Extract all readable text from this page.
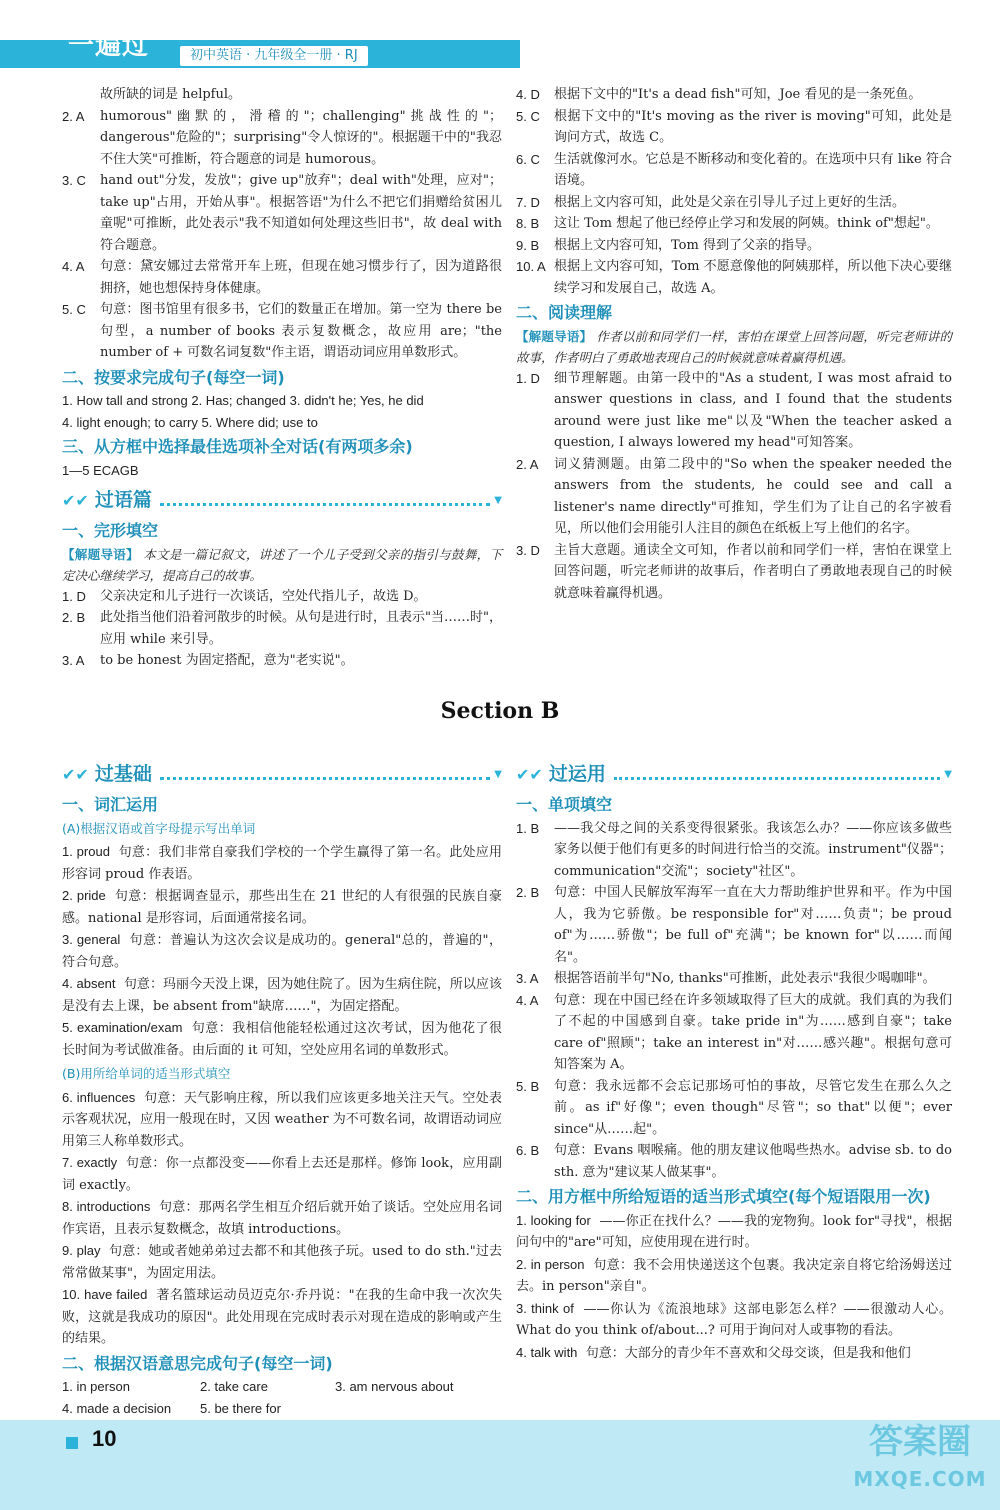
一遍过	初中英语 · 九年级全一册 · RJ
故所缺的词是 helpful。
2. A	humorous"幽默的，滑稽的"；challenging"挑战性的"；dangerous"危险的"；surprising"令人惊讶的"。根据题干中的"我忍不住大笑"可推断，符合题意的词是 humorous。
3. C	hand out"分发，发放"；give up"放弃"；deal with"处理，应对"；take up"占用，开始从事"。根据答语"为什么不把它们捐赠给贫困儿童呢"可推断，此处表示"我不知道如何处理这些旧书"，故 deal with 符合题意。
4. A	句意：黛安娜过去常常开车上班，但现在她习惯步行了，因为道路很拥挤，她也想保持身体健康。
5. C	句意：图书馆里有很多书，它们的数量正在增加。第一空为 there be 句型，a number of books 表示复数概念，故应用 are；"the number of + 可数名词复数"作主语，谓语动词应用单数形式。
二、按要求完成句子(每空一词)
1. How tall and strong 2. Has; changed 3. didn't he; Yes, he did
4. light enough; to carry 5. Where did; use to
三、从方框中选择最佳选项补全对话(有两项多余)
1—5 ECAGB
✔✔ 过语篇	▼
一、完形填空
【解题导语】 本文是一篇记叙文，讲述了一个儿子受到父亲的指引与鼓舞，下定决心继续学习，提高自己的故事。
1. D	父亲决定和儿子进行一次谈话，空处代指儿子，故选 D。
2. B	此处指当他们沿着河散步的时候。从句是进行时，且表示"当……时"，应用 while 来引导。
3. A	to be honest 为固定搭配，意为"老实说"。
4. D	根据下文中的"It's a dead fish"可知，Joe 看见的是一条死鱼。
5. C	根据下文中的"It's moving as the river is moving"可知，此处是询问方式，故选 C。
6. C	生活就像河水。它总是不断移动和变化着的。在选项中只有 like 符合语境。
7. D	根据上文内容可知，此处是父亲在引导儿子过上更好的生活。
8. B	这让 Tom 想起了他已经停止学习和发展的阿姨。think of"想起"。
9. B	根据上文内容可知，Tom 得到了父亲的指导。
10. A 根据上文内容可知，Tom 不愿意像他的阿姨那样，所以他下决心要继续学习和发展自己，故选 A。
二、阅读理解
【解题导语】 作者以前和同学们一样，害怕在课堂上回答问题，听完老师讲的故事，作者明白了勇敢地表现自己的时候就意味着赢得机遇。
1. D	细节理解题。由第一段中的"As a student, I was most afraid to answer questions in class, and I found that the students around were just like me"以及"When the teacher asked a question, I always lowered my head"可知答案。
2. A	词义猜测题。由第二段中的"So when the speaker needed the answers from the students, he could see and call a listener's name directly"可推知，学生们为了让自己的名字被看见，所以他们会用能引人注目的颜色在纸板上写上他们的名字。
3. D	主旨大意题。通读全文可知，作者以前和同学们一样，害怕在课堂上回答问题，听完老师讲的故事后，作者明白了勇敢地表现自己的时候就意味着赢得机遇。
Section B
✔✔ 过基础	▼
一、词汇运用
(A)根据汉语或首字母提示写出单词
1. proud 句意：我们非常自豪我们学校的一个学生赢得了第一名。此处应用形容词 proud 作表语。
2. pride 句意：根据调查显示，那些出生在 21 世纪的人有很强的民族自豪感。national 是形容词，后面通常接名词。
3. general 句意：普遍认为这次会议是成功的。general"总的，普遍的"，符合句意。
4. absent 句意：玛丽今天没上课，因为她住院了。因为生病住院，所以应该是没有去上课，be absent from"缺席……"，为固定搭配。
5. examination/exam 句意：我相信他能轻松通过这次考试，因为他花了很长时间为考试做准备。由后面的 it 可知，空处应用名词的单数形式。
(B)用所给单词的适当形式填空
6. influences 句意：天气影响庄稼，所以我们应该更多地关注天气。空处表示客观状况，应用一般现在时，又因 weather 为不可数名词，故谓语动词应用第三人称单数形式。
7. exactly 句意：你一点都没变——你看上去还是那样。修饰 look，应用副词 exactly。
8. introductions 句意：那两名学生相互介绍后就开始了谈话。空处应用名词作宾语，且表示复数概念，故填 introductions。
9. play 句意：她或者她弟弟过去都不和其他孩子玩。used to do sth."过去常常做某事"，为固定用法。
10. have failed 著名篮球运动员迈克尔·乔丹说："在我的生命中我一次次失败，这就是我成功的原因"。此处用现在完成时表示对现在造成的影响或产生的结果。
二、根据汉语意思完成句子(每空一词)
1. in person	2. take care	3. am nervous about
4. made a decision	5. be there for
✔✔ 过运用	▼
一、单项填空
1. B	——我父母之间的关系变得很紧张。我该怎么办？——你应该多做些家务以便于他们有更多的时间进行恰当的交流。instrument"仪器"；communication"交流"；society"社区"。
2. B	句意：中国人民解放军海军一直在大力帮助维护世界和平。作为中国人，我为它骄傲。be responsible for"对……负责"；be proud of"为……骄傲"；be full of"充满"；be known for"以……而闻名"。
3. A	根据答语前半句"No, thanks"可推断，此处表示"我很少喝咖啡"。
4. A	句意：现在中国已经在许多领域取得了巨大的成就。我们真的为我们了不起的中国感到自豪。take pride in"为……感到自豪"；take care of"照顾"；take an interest in"对……感兴趣"。根据句意可知答案为 A。
5. B	句意：我永远都不会忘记那场可怕的事故，尽管它发生在那么久之前。as if"好像"；even though"尽管"；so that"以便"；ever since"从……起"。
6. B	句意：Evans 咽喉痛。他的朋友建议他喝些热水。advise sb. to do sth. 意为"建议某人做某事"。
二、用方框中所给短语的适当形式填空(每个短语限用一次)
1. looking for ——你正在找什么？——我的宠物狗。look for"寻找"，根据问句中的"are"可知，应使用现在进行时。
2. in person 句意：我不会用快递送这个包裹。我决定亲自将它给汤姆送过去。in person"亲自"。
3. think of ——你认为《流浪地球》这部电影怎么样？——很激动人心。What do you think of/about...? 可用于询问对人或事物的看法。
4. talk with 句意：大部分的青少年不喜欢和父母交谈，但是我和他们
10	答案圈
MXQE.COM
